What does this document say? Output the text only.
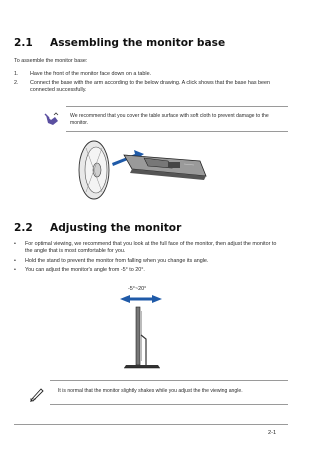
2.1 Assembling the monitor base
To assemble the monitor base:
1. Have the front of the monitor face down on a table.
2. Connect the base with the arm according to the below drawing. A click shows that the base has been connected successfully.
We recommend that you cover the table surface with soft cloth to prevent damage to the monitor.
2.2 Adjusting the monitor
• For optimal viewing, we recommend that you look at the full face of the monitor, then adjust the monitor to the angle that is most comfortable for you.
• Hold the stand to prevent the monitor from falling when you change its angle.
• You can adjust the monitor's angle from -5° to 20°.
-5°~20°
It is normal that the monitor slightly shakes while you adjust the the viewing angle.
2-1
